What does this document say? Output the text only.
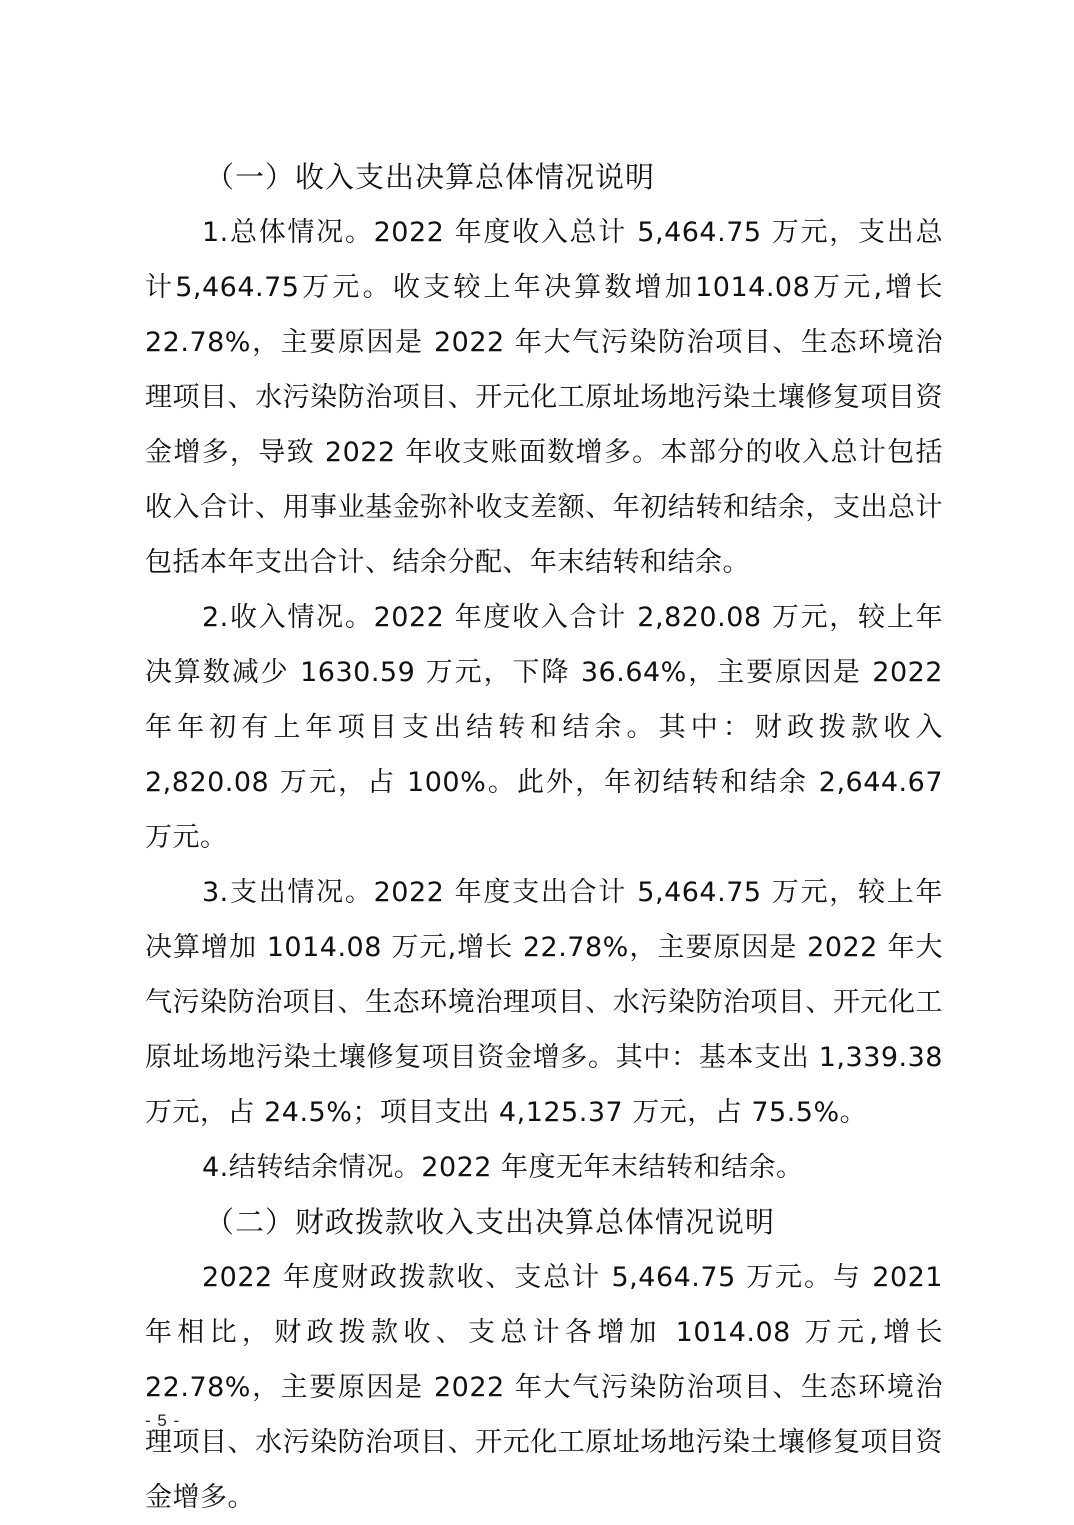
（一）收入支出决算总体情况说明

1.总体情况。2022 年度收入总计 5,464.75 万元，支出总计5,464.75万元。收支较上年决算数增加1014.08万元,增长22.78%，主要原因是 2022 年大气污染防治项目、生态环境治理项目、水污染防治项目、开元化工原址场地污染土壤修复项目资金增多，导致 2022 年收支账面数增多。本部分的收入总计包括收入合计、用事业基金弥补收支差额、年初结转和结余，支出总计包括本年支出合计、结余分配、年末结转和结余。

2.收入情况。2022 年度收入合计 2,820.08 万元，较上年决算数减少 1630.59 万元，下降 36.64%，主要原因是 2022 年年初有上年项目支出结转和结余。其中：财政拨款收入 2,820.08 万元，占 100%。此外，年初结转和结余 2,644.67 万元。

3.支出情况。2022 年度支出合计 5,464.75 万元，较上年决算增加 1014.08 万元,增长 22.78%，主要原因是 2022 年大气污染防治项目、生态环境治理项目、水污染防治项目、开元化工原址场地污染土壤修复项目资金增多。其中：基本支出 1,339.38 万元，占 24.5%；项目支出 4,125.37 万元，占 75.5%。

4.结转结余情况。2022 年度无年末结转和结余。

（二）财政拨款收入支出决算总体情况说明

2022 年度财政拨款收、支总计 5,464.75 万元。与 2021 年相比，财政拨款收、支总计各增加 1014.08 万元,增长 22.78%，主要原因是 2022 年大气污染防治项目、生态环境治理项目、水污染防治项目、开元化工原址场地污染土壤修复项目资金增多。

- 5 -
